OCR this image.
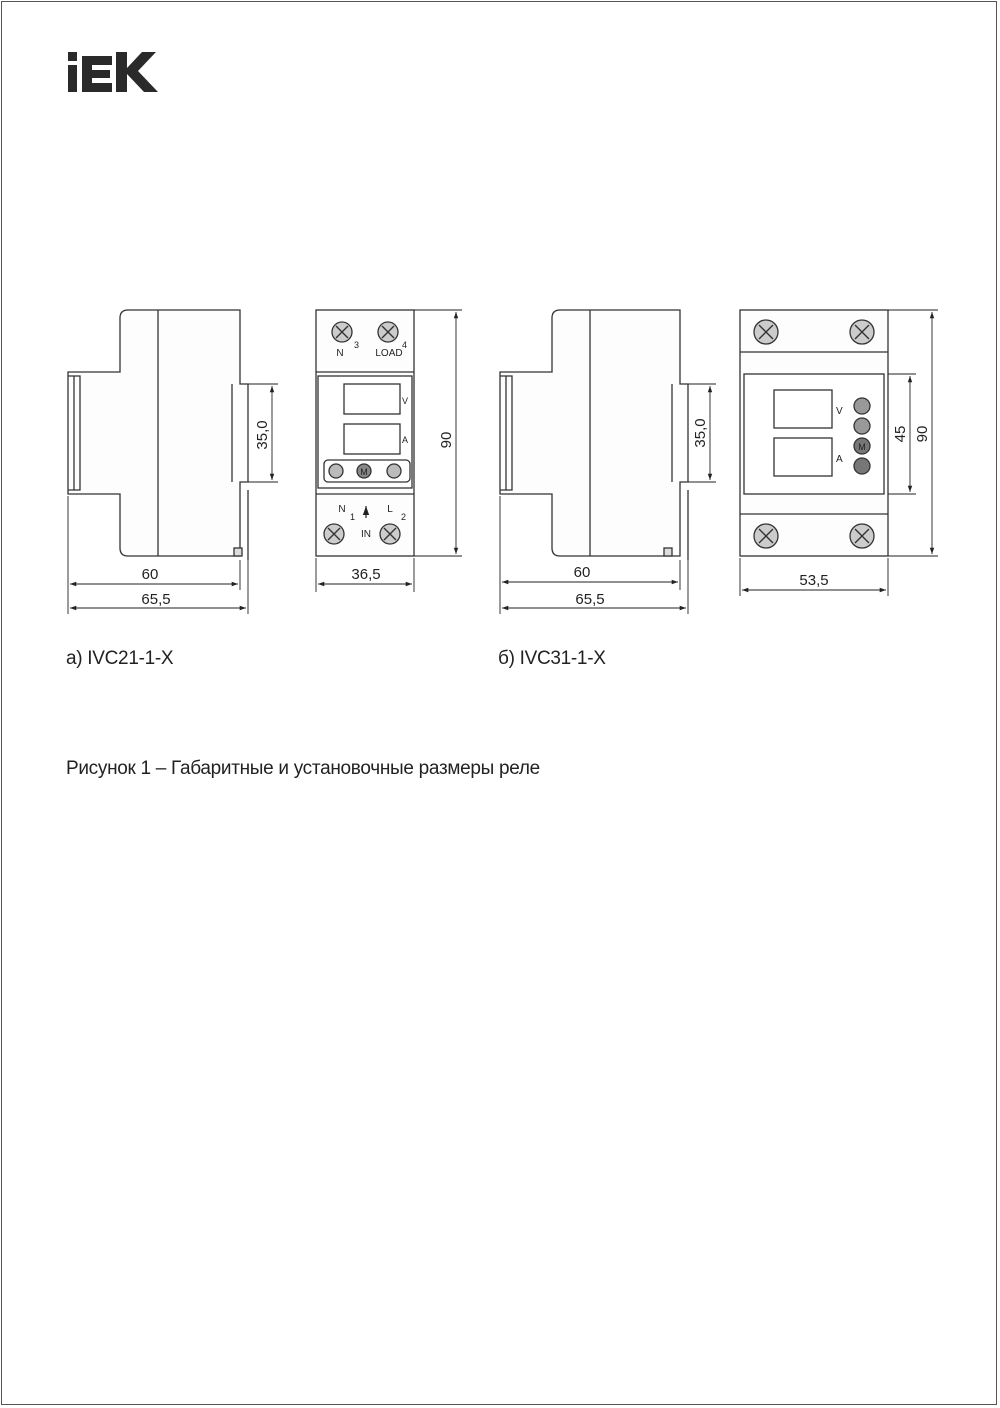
35,0
60
65,5
N
3
LOAD
4
N
1
L
2
IN
V
A
M
90
36,5
35,0
60
65,5
V
A
M
45 90
53,5
а) IVC21-1-X	б) IVC31-1-X
Рисунок 1 – Габаритные и установочные размеры реле
